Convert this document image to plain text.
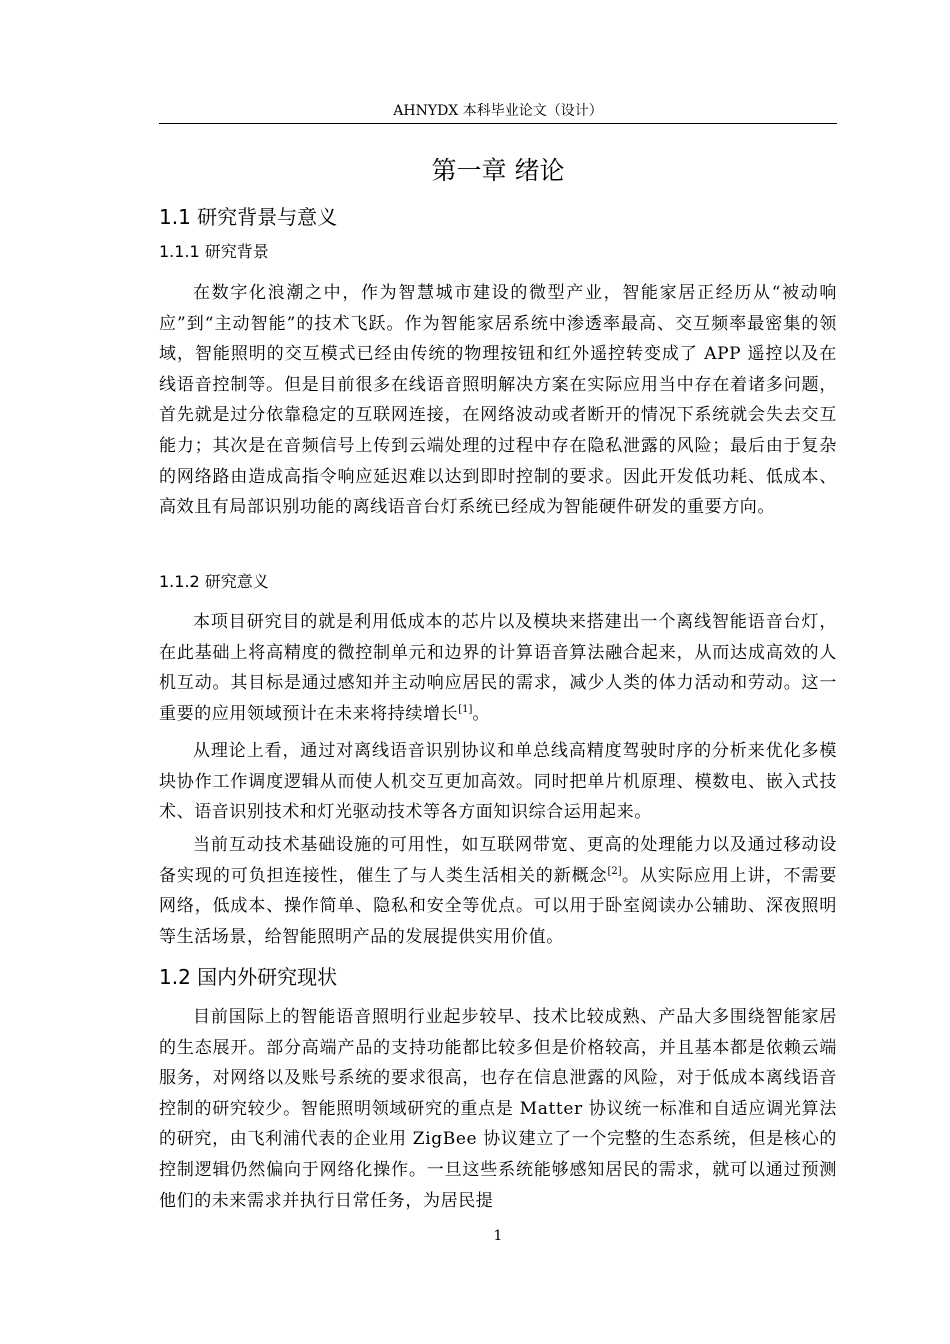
AHNYDX 本科毕业论文（设计）
第一章 绪论
1.1 研究背景与意义
1.1.1 研究背景

在数字化浪潮之中，作为智慧城市建设的微型产业，智能家居正经历从“被动响应”到“主动智能”的技术飞跃。作为智能家居系统中渗透率最高、交互频率最密集的领域，智能照明的交互模式已经由传统的物理按钮和红外遥控转变成了 APP 遥控以及在线语音控制等。但是目前很多在线语音照明解决方案在实际应用当中存在着诸多问题，首先就是过分依靠稳定的互联网连接，在网络波动或者断开的情况下系统就会失去交互能力；其次是在音频信号上传到云端处理的过程中存在隐私泄露的风险；最后由于复杂的网络路由造成高指令响应延迟难以达到即时控制的要求。因此开发低功耗、低成本、高效且有局部识别功能的离线语音台灯系统已经成为智能硬件研发的重要方向。

1.1.2 研究意义

本项目研究目的就是利用低成本的芯片以及模块来搭建出一个离线智能语音台灯，在此基础上将高精度的微控制单元和边界的计算语音算法融合起来，从而达成高效的人机互动。其目标是通过感知并主动响应居民的需求，减少人类的体力活动和劳动。这一重要的应用领域预计在未来将持续增长[1]。

从理论上看，通过对离线语音识别协议和单总线高精度驾驶时序的分析来优化多模块协作工作调度逻辑从而使人机交互更加高效。同时把单片机原理、模数电、嵌入式技术、语音识别技术和灯光驱动技术等各方面知识综合运用起来。

当前互动技术基础设施的可用性，如互联网带宽、更高的处理能力以及通过移动设备实现的可负担连接性，催生了与人类生活相关的新概念[2]。从实际应用上讲，不需要网络，低成本、操作简单、隐私和安全等优点。可以用于卧室阅读办公辅助、深夜照明等生活场景，给智能照明产品的发展提供实用价值。

1.2 国内外研究现状

目前国际上的智能语音照明行业起步较早、技术比较成熟、产品大多围绕智能家居的生态展开。部分高端产品的支持功能都比较多但是价格较高，并且基本都是依赖云端服务，对网络以及账号系统的要求很高，也存在信息泄露的风险，对于低成本离线语音控制的研究较少。智能照明领域研究的重点是 Matter 协议统一标准和自适应调光算法的研究，由飞利浦代表的企业用 ZigBee 协议建立了一个完整的生态系统，但是核心的控制逻辑仍然偏向于网络化操作。一旦这些系统能够感知居民的需求，就可以通过预测他们的未来需求并执行日常任务，为居民提

1
